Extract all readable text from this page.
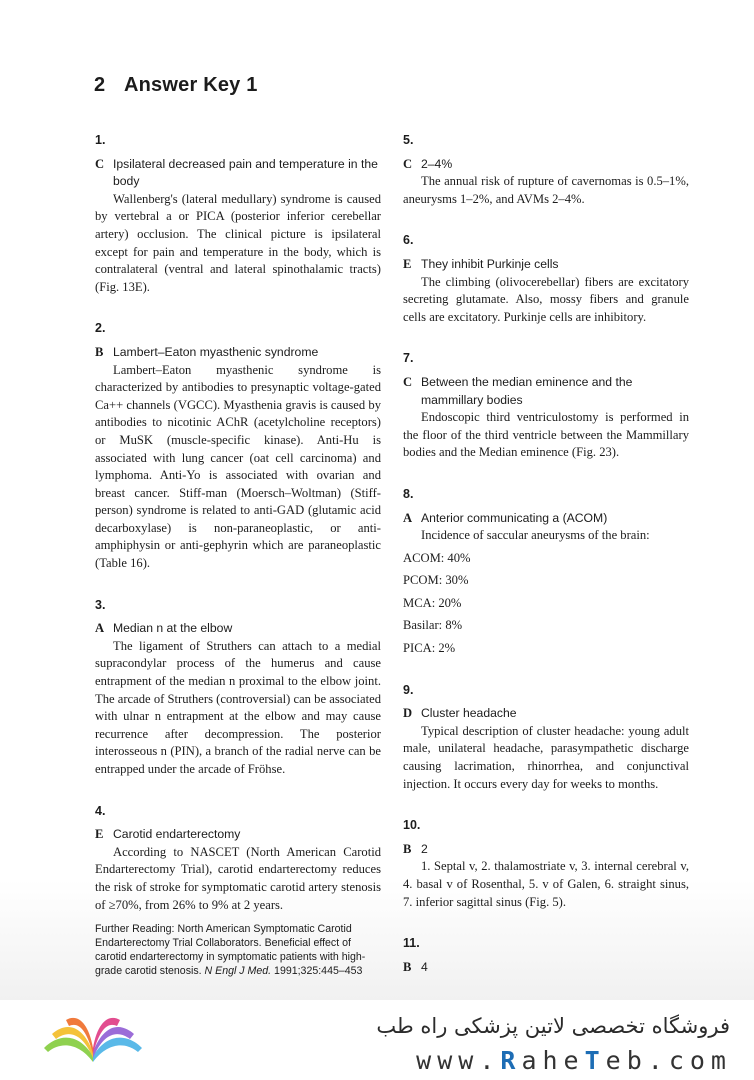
2 Answer Key 1
1.
C Ipsilateral decreased pain and temperature in the body
Wallenberg's (lateral medullary) syndrome is caused by vertebral a or PICA (posterior inferior cerebellar artery) occlusion. The clinical picture is ipsilateral except for pain and temperature in the body, which is contralateral (ventral and lateral spinothalamic tracts) (Fig. 13E).
2.
B Lambert–Eaton myasthenic syndrome
Lambert–Eaton myasthenic syndrome is characterized by antibodies to presynaptic voltage-gated Ca++ channels (VGCC). Myasthenia gravis is caused by antibodies to nicotinic AChR (acetylcholine receptors) or MuSK (muscle-specific kinase). Anti-Hu is associated with lung cancer (oat cell carcinoma) and lymphoma. Anti-Yo is associated with ovarian and breast cancer. Stiff-man (Moersch–Woltman) (Stiff-person) syndrome is related to anti-GAD (glutamic acid decarboxylase) is non-paraneoplastic, or anti-amphiphysin or anti-gephyrin which are paraneoplastic (Table 16).
3.
A Median n at the elbow
The ligament of Struthers can attach to a medial supracondylar process of the humerus and cause entrapment of the median n proximal to the elbow joint. The arcade of Struthers (controversial) can be associated with ulnar n entrapment at the elbow and may cause recurrence after decompression. The posterior interosseous n (PIN), a branch of the radial nerve can be entrapped under the arcade of Fröhse.
4.
E Carotid endarterectomy
According to NASCET (North American Carotid Endarterectomy Trial), carotid endarterectomy reduces the risk of stroke for symptomatic carotid artery stenosis of ≥70%, from 26% to 9% at 2 years.
Further Reading: North American Symptomatic Carotid Endarterectomy Trial Collaborators. Beneficial effect of carotid endarterectomy in symptomatic patients with high-grade carotid stenosis. N Engl J Med. 1991;325:445–453
5.
C 2–4%
The annual risk of rupture of cavernomas is 0.5–1%, aneurysms 1–2%, and AVMs 2–4%.
6.
E They inhibit Purkinje cells
The climbing (olivocerebellar) fibers are excitatory secreting glutamate. Also, mossy fibers and granule cells are excitatory. Purkinje cells are inhibitory.
7.
C Between the median eminence and the mammillary bodies
Endoscopic third ventriculostomy is performed in the floor of the third ventricle between the Mammillary bodies and the Median eminence (Fig. 23).
8.
A Anterior communicating a (ACOM)
Incidence of saccular aneurysms of the brain:
ACOM: 40%
PCOM: 30%
MCA: 20%
Basilar: 8%
PICA: 2%
9.
D Cluster headache
Typical description of cluster headache: young adult male, unilateral headache, parasympathetic discharge causing lacrimation, rhinorrhea, and conjunctival injection. It occurs every day for weeks to months.
10.
B 2
1. Septal v, 2. thalamostriate v, 3. internal cerebral v, 4. basal v of Rosenthal, 5. v of Galen, 6. straight sinus, 7. inferior sagittal sinus (Fig. 5).
11.
B 4
فروشگاه تخصصی لاتین پزشکی راه طب
www.RaheTeb.com
